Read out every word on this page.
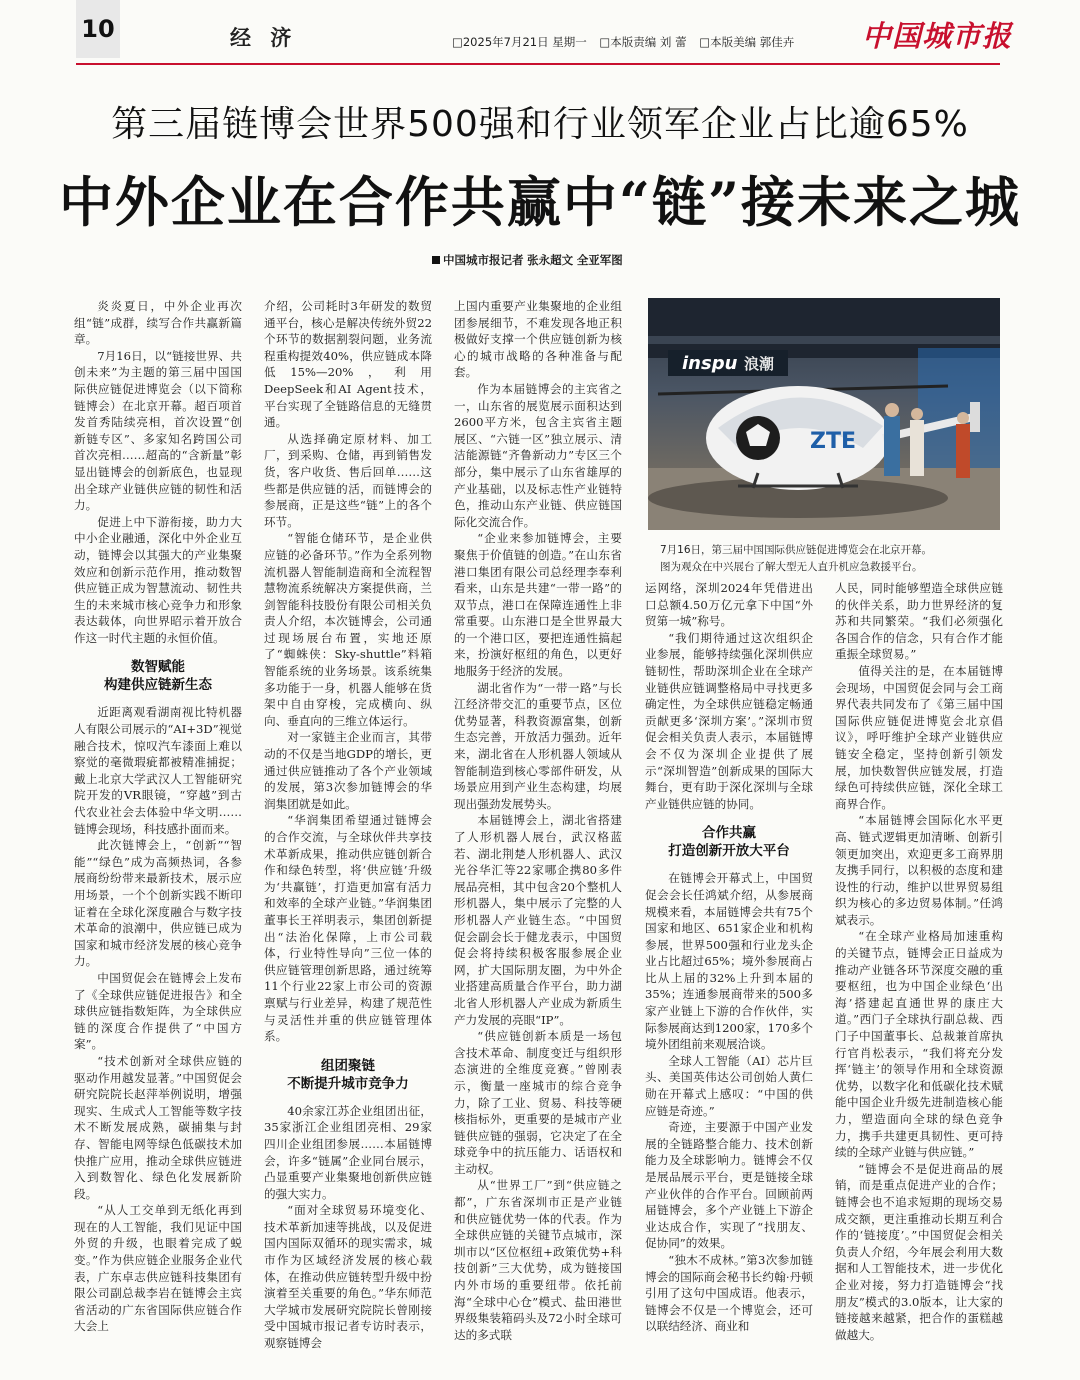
10	经 济	□2025年7月21日 星期一 □本版责编 刘 蕾 □本版美编 郭佳卉	中国城市报
第三届链博会世界500强和行业领军企业占比逾65%
中外企业在合作共赢中“链”接未来之城
中国城市报记者 张永超文 全亚军图

炎炎夏日，中外企业再次组“链”成群，续写合作共赢新篇章。

7月16日，以“链接世界、共创未来”为主题的第三届中国国际供应链促进博览会（以下简称链博会）在北京开幕。超百项首发首秀陆续亮相，首次设置“创新链专区”、多家知名跨国公司首次亮相……超高的“含新量”彰显出链博会的创新底色，也显现出全球产业链供应链的韧性和活力。

促进上中下游衔接，助力大中小企业融通，深化中外企业互动，链博会以其强大的产业集聚效应和创新示范作用，推动数智供应链正成为智慧流动、韧性共生的未来城市核心竞争力和形象表达载体，向世界昭示着开放合作这一时代主题的永恒价值。

数智赋能
构建供应链新生态

近距离观看湖南视比特机器人有限公司展示的“AI+3D”视觉融合技术，惊叹汽车漆面上难以察觉的毫微瑕疵都被精准捕捉；戴上北京大学武汉人工智能研究院开发的VR眼镜，“穿越”到古代农业社会去体验中华文明……链博会现场，科技感扑面而来。

此次链博会上，“创新”“智能”“绿色”成为高频热词，各参展商纷纷带来最新技术，展示应用场景，一个个创新实践不断印证着在全球化深度融合与数字技术革命的浪潮中，供应链已成为国家和城市经济发展的核心竞争力。

中国贸促会在链博会上发布了《全球供应链促进报告》和全球供应链指数矩阵，为全球供应链的深度合作提供了“中国方案”。

“技术创新对全球供应链的驱动作用越发显著。”中国贸促会研究院院长赵萍举例说明，增强现实、生成式人工智能等数字技术不断发展成熟，碳捕集与封存、智能电网等绿色低碳技术加快推广应用，推动全球供应链进入到数智化、绿色化发展新阶段。

“从人工交单到无纸化再到现在的人工智能，我们见证中国外贸的升级，也眼着完成了蜕变。”作为供应链企业服务企业代表，广东卓志供应链科技集团有限公司副总裁李岩在链博会主宾省活动的广东省国际供应链合作大会上

介绍，公司耗时3年研发的数贸通平台，核心是解决传统外贸22个环节的数据割裂问题，业务流程重构提效40%，供应链成本降低15%—20%，利用DeepSeek和AI Agent技术，平台实现了全链路信息的无缝贯通。

从选择确定原材料、加工厂，到采购、仓储，再到销售发货，客户收货、售后回单……这些都是供应链的活，而链博会的参展商，正是这些“链”上的各个环节。

“智能仓储环节，是企业供应链的必备环节。”作为全系列物流机器人智能制造商和全流程智慧物流系统解决方案提供商，兰剑智能科技股份有限公司相关负责人介绍，本次链博会，公司通过现场展台布置，实地还原了“蜘蛛侠：Sky-shuttle”料箱智能系统的业务场景。该系统集多功能于一身，机器人能够在货架中自由穿梭，完成横向、纵向、垂直向的三维立体运行。

对一家链主企业而言，其带动的不仅是当地GDP的增长，更通过供应链推动了各个产业领域的发展，第3次参加链博会的华润集团就是如此。

“华润集团希望通过链博会的合作交流，与全球伙伴共享技术革新成果，推动供应链创新合作和绿色转型，将‘供应链’升级为‘共赢链’，打造更加富有活力和效率的全球产业链。”华润集团董事长王祥明表示，集团创新提出“法治化保障，上市公司载体，行业特性导向”三位一体的供应链管理创新思路，通过统筹11个行业22家上市公司的资源禀赋与行业差异，构建了规范性与灵活性并重的供应链管理体系。

组团聚链
不断提升城市竞争力

40余家江苏企业组团出征，35家浙江企业组团亮相、29家四川企业组团参展……本届链博会，许多“链属”企业同台展示，凸显重要产业集聚地创新供应链的强大实力。

“面对全球贸易环境变化、技术革新加速等挑战，以及促进国内国际双循环的现实需求，城市作为区域经济发展的核心载体，在推动供应链转型升级中扮演着至关重要的角色。”华东师范大学城市发展研究院院长曾刚接受中国城市报记者专访时表示，观察链博会

上国内重要产业集聚地的企业组团参展细节，不难发现各地正积极做好支撑一个供应链创新为核心的城市战略的各种准备与配套。

作为本届链博会的主宾省之一，山东省的展览展示面积达到2600平方米，包含主宾省主题展区、“六链一区”独立展示、清洁能源链“齐鲁新动力”专区三个部分，集中展示了山东省雄厚的产业基础，以及标志性产业链特色，推动山东产业链、供应链国际化交流合作。

“企业来参加链博会，主要聚焦于价值链的创造。”在山东省港口集团有限公司总经理李奉利看来，山东是共建“一带一路”的双节点，港口在保障连通性上非常重要。山东港口是全世界最大的一个港口区，要把连通性搞起来，扮演好枢纽的角色，以更好地服务于经济的发展。

湖北省作为“一带一路”与长江经济带交汇的重要节点，区位优势显著，科教资源富集，创新生态完善，开放活力强劲。近年来，湖北省在人形机器人领域从智能制造到核心零部件研发，从场景应用到产业生态构建，均展现出强劲发展势头。

本届链博会上，湖北省搭建了人形机器人展台，武汉格蓝若、湖北荆楚人形机器人、武汉光谷华汇等22家哪企携80多件展品亮相，其中包含20个整机人形机器人，集中展示了完整的人形机器人产业链生态。“中国贸促会副会长于健龙表示，中国贸促会将持续积极客服参展企业网，扩大国际朋友圈，为中外企业搭建高质量合作平台，助力湖北省人形机器人产业成为新质生产力发展的亮眼“IP”。

“供应链创新本质是一场包含技术革命、制度变迁与组织形态演进的全维度竞赛。”曾刚表示，衡量一座城市的综合竞争力，除了工业、贸易、科技等硬核指标外，更重要的是城市产业链供应链的强弱，它决定了在全球竞争中的抗压能力、话语权和主动权。

从“世界工厂”到“供应链之都”，广东省深圳市正是产业链和供应链优势一体的代表。作为全球供应链的关键节点城市，深圳市以“区位枢纽+政策优势+科技创新”三大优势，成为链接国内外市场的重要纽带。依托前海“全球中心仓”模式、盐田港世界级集装箱码头及72小时全球可达的多式联

inspu 浪潮
ZTE

7月16日，第三届中国国际供应链促进博览会在北京开幕。

图为观众在中兴展台了解大型无人直升机应急救援平台。

运网络，深圳2024年凭借进出口总额4.50万亿元拿下中国“外贸第一城”称号。

“我们期待通过这次组织企业参展，能够持续强化深圳供应链韧性，帮助深圳企业在全球产业链供应链调整格局中寻找更多确定性，为全球供应链稳定畅通贡献更多‘深圳方案’。”深圳市贸促会相关负责人表示，本届链博会不仅为深圳企业提供了展示“深圳智造”创新成果的国际大舞台，更有助于深化深圳与全球产业链供应链的协同。

合作共赢
打造创新开放大平台

在链博会开幕式上，中国贸促会会长任鸿斌介绍，从参展商规模来看，本届链博会共有75个国家和地区、651家企业和机构参展，世界500强和行业龙头企业占比超过65%；境外参展商占比从上届的32%上升到本届的35%；连通参展商带来的500多家产业链上下游的合作伙伴，实际参展商达到1200家，170多个境外团组前来观展洽谈。

全球人工智能（AI）芯片巨头、美国英伟达公司创始人黄仁勋在开幕式上感叹：“中国的供应链是奇迹。”

奇迹，主要源于中国产业发展的全链路整合能力、技术创新能力及全球影响力。链博会不仅是展品展示平台，更是链接全球产业伙伴的合作平台。回顾前两届链博会，多个产业链上下游企业达成合作，实现了“找朋友、促协同”的效果。

“独木不成林。”第3次参加链博会的国际商会秘书长约翰·丹顿引用了这句中国成语。他表示，链博会不仅是一个博览会，还可以联结经济、商业和

人民，同时能够塑造全球供应链的伙伴关系，助力世界经济的复苏和共同繁荣。“我们必须强化各国合作的信念，只有合作才能重振全球贸易。”

值得关注的是，在本届链博会现场，中国贸促会同与会工商界代表共同发布了《第三届中国国际供应链促进博览会北京倡议》，呼吁维护全球产业链供应链安全稳定，坚持创新引领发展，加快数智供应链发展，打造绿色可持续供应链，深化全球工商界合作。

“本届链博会国际化水平更高、链式逻辑更加清晰、创新引领更加突出，欢迎更多工商界朋友携手同行，以积极的态度和建设性的行动，维护以世界贸易组织为核心的多边贸易体制。”任鸿斌表示。

“在全球产业格局加速重构的关键节点，链博会正日益成为推动产业链各环节深度交融的重要枢纽，也为中国企业绿色‘出海’搭建起直通世界的康庄大道。”西门子全球执行副总裁、西门子中国董事长、总裁兼首席执行官肖松表示，“我们将充分发挥‘链主’的领导作用和全球资源优势，以数字化和低碳化技术赋能中国企业升级先进制造核心能力，塑造面向全球的绿色竞争力，携手共建更具韧性、更可持续的全球产业链与供应链。”

“链博会不是促进商品的展销，而是重点促进产业的合作；链博会也不追求短期的现场交易成交额，更注重推动长期互利合作的‘链接度’。”中国贸促会相关负责人介绍，今年展会利用大数据和人工智能技术，进一步优化企业对接，努力打造链博会“找朋友”模式的3.0版本，让大家的链接越来越紧，把合作的蛋糕越做越大。
